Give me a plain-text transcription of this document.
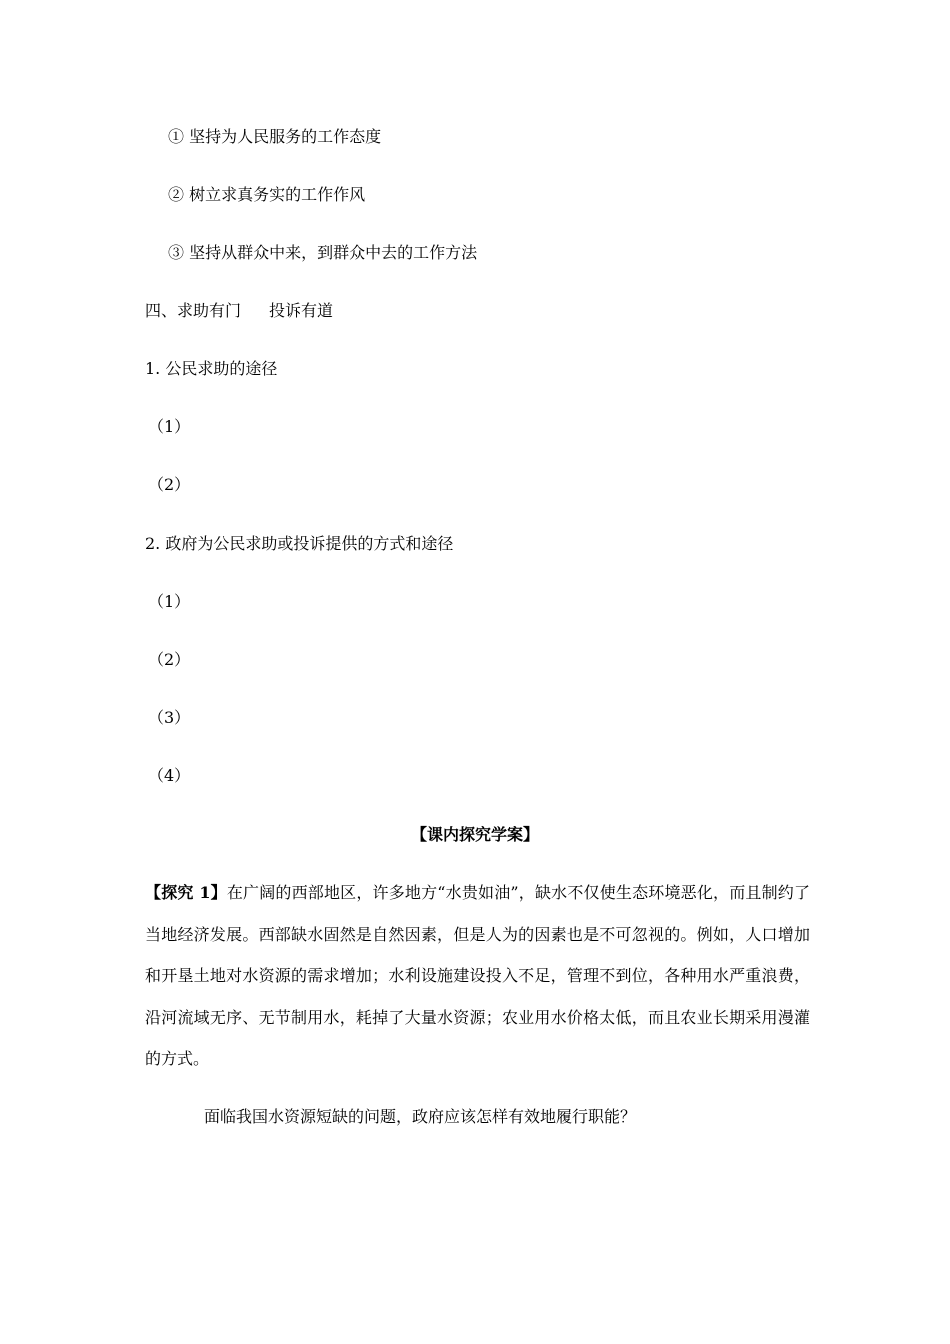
① 坚持为人民服务的工作态度
② 树立求真务实的工作作风
③ 坚持从群众中来，到群众中去的工作方法
四、求助有门 投诉有道
1. 公民求助的途径
（1）
（2）
2. 政府为公民求助或投诉提供的方式和途径
（1）
（2）
（3）
（4）
【课内探究学案】
【探究 1】在广阔的西部地区，许多地方“水贵如油”，缺水不仅使生态环境恶化，而且制约了当地经济发展。西部缺水固然是自然因素，但是人为的因素也是不可忽视的。例如，人口增加和开垦土地对水资源的需求增加；水利设施建设投入不足，管理不到位，各种用水严重浪费，沿河流域无序、无节制用水，耗掉了大量水资源；农业用水价格太低，而且农业长期采用漫灌的方式。
面临我国水资源短缺的问题，政府应该怎样有效地履行职能？
